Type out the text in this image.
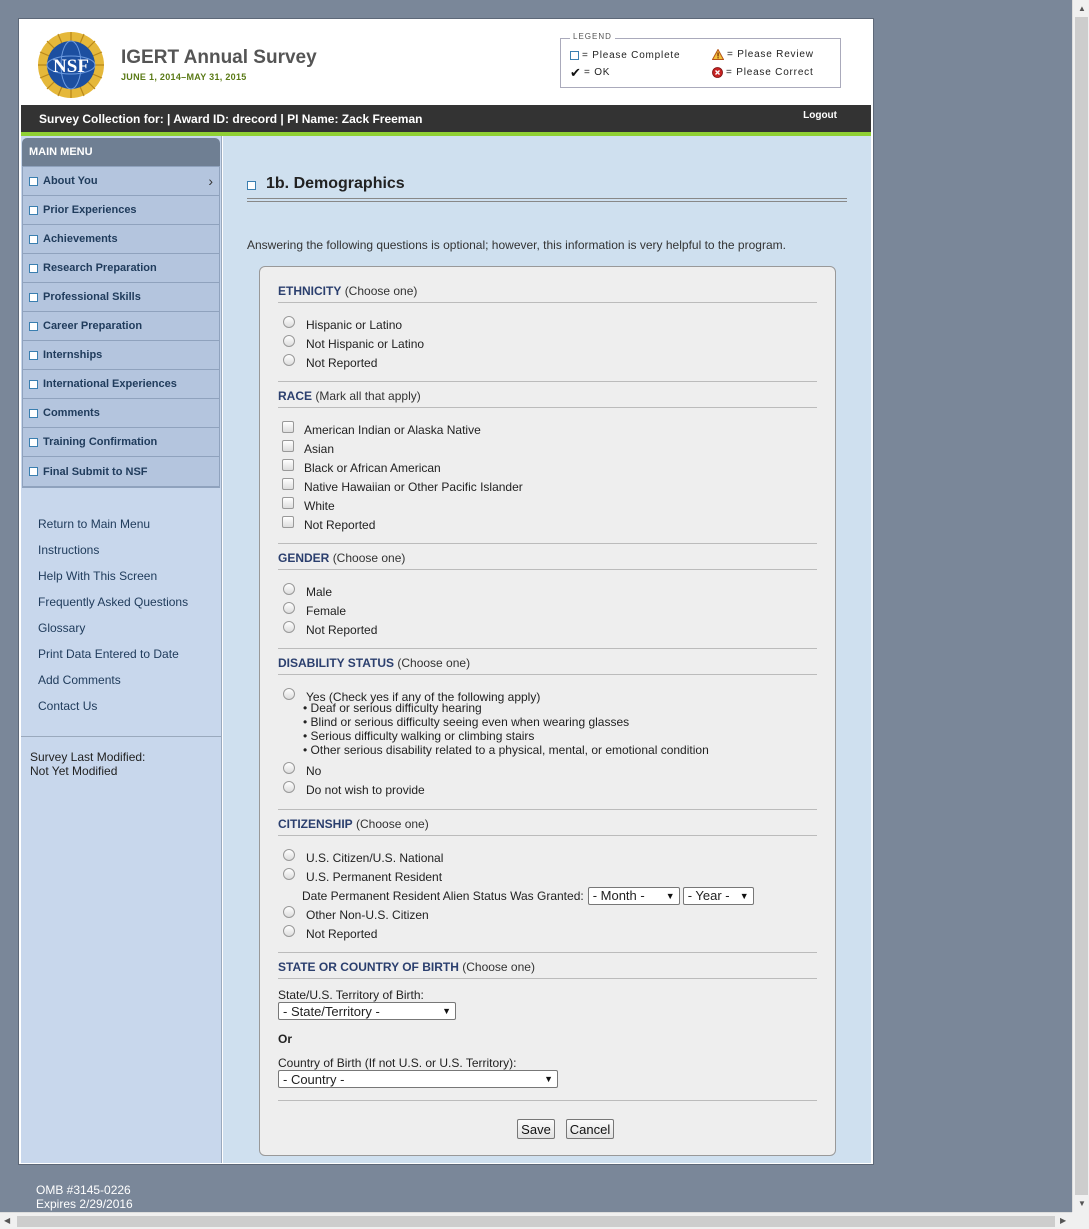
NSF IGERT Annual Survey
JUNE 1, 2014–MAY 31, 2015
LEGEND
= Please Complete	= Please Review
✔ = OK	= Please Correct
Survey Collection for: | Award ID: drecord | PI Name: Zack Freeman	Logout
MAIN MENU
About You	›
Prior Experiences
Achievements
Research Preparation
Professional Skills
Career Preparation
Internships
International Experiences
Comments
Training Confirmation
Final Submit to NSF
Return to Main Menu
Instructions
Help With This Screen
Frequently Asked Questions
Glossary
Print Data Entered to Date
Add Comments
Contact Us
Survey Last Modified:
Not Yet Modified
1b. Demographics
Answering the following questions is optional; however, this information is very helpful to the program.
ETHNICITY (Choose one)
Hispanic or Latino
Not Hispanic or Latino
Not Reported
RACE (Mark all that apply)
American Indian or Alaska Native
Asian
Black or African American
Native Hawaiian or Other Pacific Islander
White
Not Reported
GENDER (Choose one)
Male
Female
Not Reported
DISABILITY STATUS (Choose one)
Yes (Check yes if any of the following apply)
• Deaf or serious difficulty hearing
• Blind or serious difficulty seeing even when wearing glasses
• Serious difficulty walking or climbing stairs
• Other serious disability related to a physical, mental, or emotional condition
No
Do not wish to provide
CITIZENSHIP (Choose one)
U.S. Citizen/U.S. National
U.S. Permanent Resident
Date Permanent Resident Alien Status Was Granted: - Month - ▼ - Year - ▼
Other Non-U.S. Citizen
Not Reported
STATE OR COUNTRY OF BIRTH (Choose one)
State/U.S. Territory of Birth:
- State/Territory -	▼
Or
Country of Birth (If not U.S. or U.S. Territory):
- Country -	▼
Save	Cancel
OMB #3145-0226
Expires 2/29/2016
▲
▼
◀	▶
